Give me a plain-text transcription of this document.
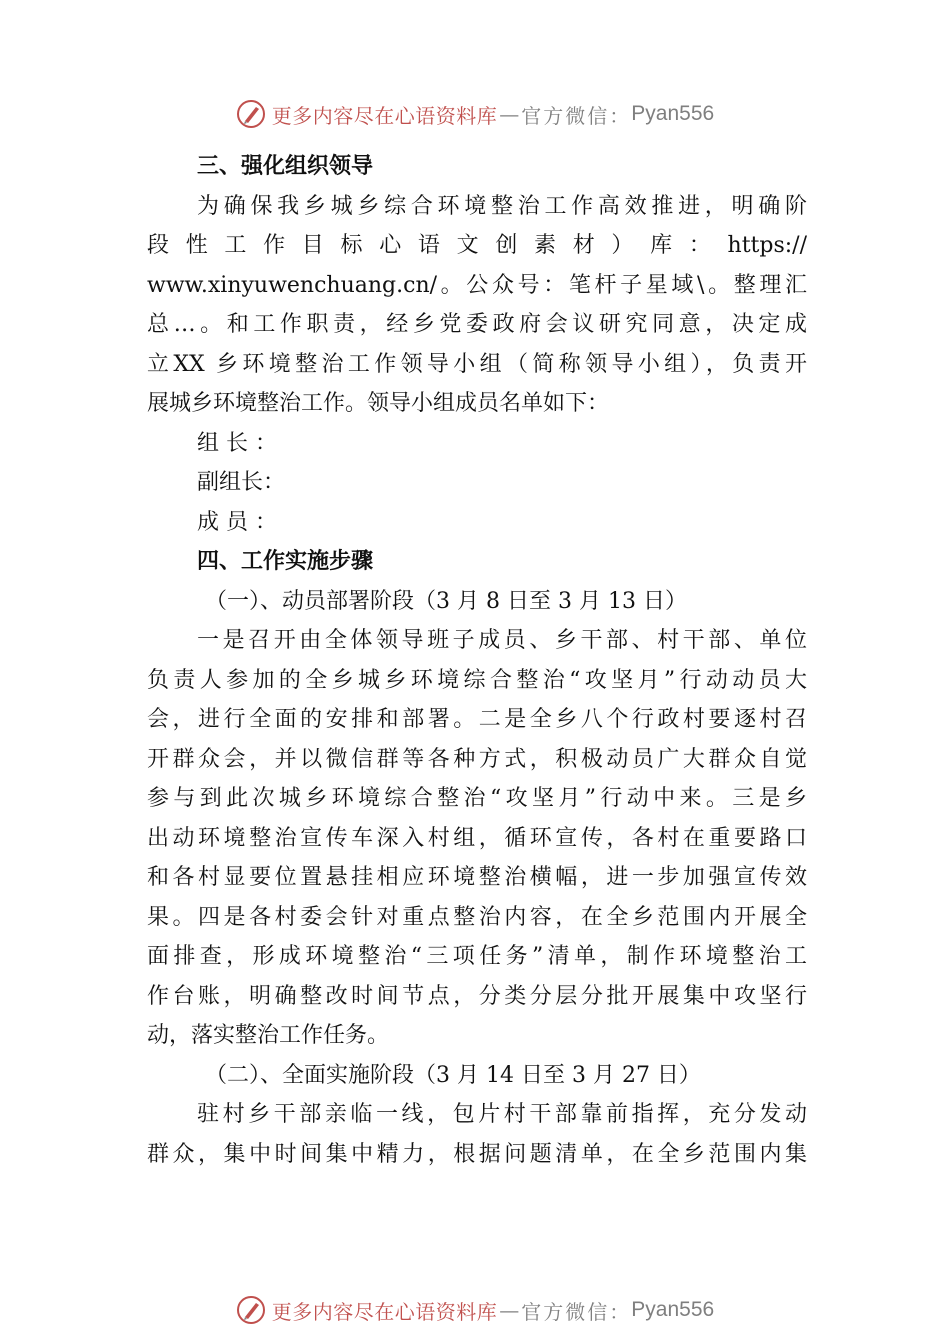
更多内容尽在心语资料库 — 官方微信： Pyan556
三、强化组织领导
为确保我乡城乡综合环境整治工作高效推进，明确阶
段性工作目标心语文创素材）库：https://
www.xinyuwenchuang.cn/。公众号：笔杆子星域\。整理汇
总…。和工作职责，经乡党委政府会议研究同意，决定成
立XX 乡环境整治工作领导小组（简称领导小组），负责开
展城乡环境整治工作。领导小组成员名单如下：
组 长 ：
副组长：
成 员 ：
四、工作实施步骤
（一）、动员部署阶段（3 月 8 日至 3 月 13 日）
一是召开由全体领导班子成员、乡干部、村干部、单位
负责人参加的全乡城乡环境综合整治“攻坚月”行动动员大
会，进行全面的安排和部署。二是全乡八个行政村要逐村召
开群众会，并以微信群等各种方式，积极动员广大群众自觉
参与到此次城乡环境综合整治“攻坚月”行动中来。三是乡
出动环境整治宣传车深入村组，循环宣传，各村在重要路口
和各村显要位置悬挂相应环境整治横幅，进一步加强宣传效
果。四是各村委会针对重点整治内容，在全乡范围内开展全
面排查，形成环境整治“三项任务”清单，制作环境整治工
作台账，明确整改时间节点，分类分层分批开展集中攻坚行
动，落实整治工作任务。
（二）、全面实施阶段（3 月 14 日至 3 月 27 日）
驻村乡干部亲临一线，包片村干部靠前指挥，充分发动
群众，集中时间集中精力，根据问题清单，在全乡范围内集
更多内容尽在心语资料库 — 官方微信： Pyan556
